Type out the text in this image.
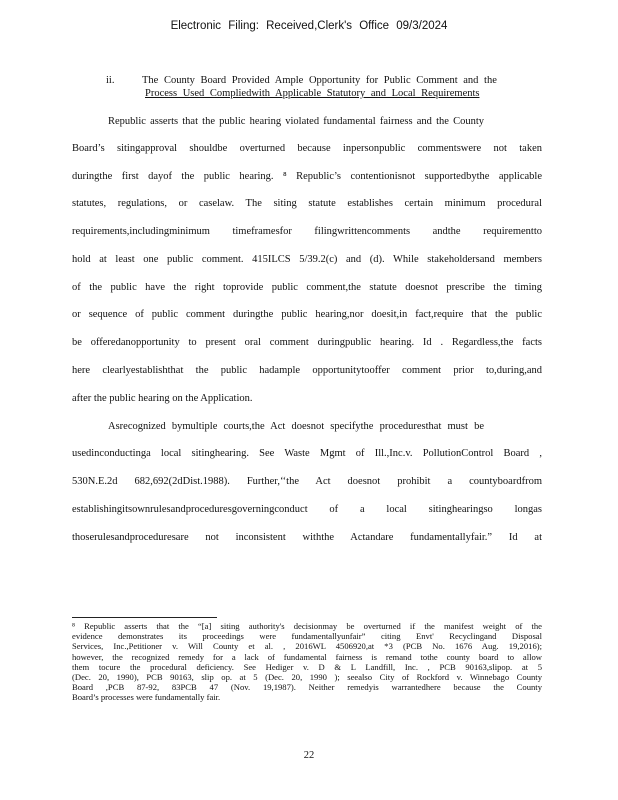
Electronic Filing: Received,Clerk's Office 09/3/2024
ii.	The County Board Provided Ample Opportunity for Public Comment and the
Process Used Compliedwith Applicable Statutory and Local Requirements
Republic asserts that the public hearing violated fundamental fairness and the County
Board’s sitingapproval shouldbe overturned because inpersonpublic commentswere not taken
duringthe first dayof the public hearing. ⁸ Republic’s contentionisnot supportedbythe applicable
statutes, regulations, or caselaw. The siting statute establishes certain minimum procedural
requirements,includingminimum timeframesfor filingwrittencomments andthe requirementto
hold at least one public comment. 415ILCS 5/39.2(c) and (d). While stakeholdersand members
of the public have the right toprovide public comment,the statute doesnot prescribe the timing
or sequence of public comment duringthe public hearing,nor doesit,in fact,require that the public
be offeredanopportunity to present oral comment duringpublic hearing. Id . Regardless,the facts
here clearlyestablishthat the public hadample opportunitytooffer comment prior to,during,and
after the public hearing on the Application.
Asrecognized bymultiple courts,the Act doesnot specifythe proceduresthat must be
usedinconductinga local sitinghearing. See Waste Mgmt of Ill.,Inc.v. PollutionControl Board ,
530N.E.2d 682,692(2dDist.1988). Further,‘‘the Act doesnot prohibit a countyboardfrom
establishingitsownrulesandproceduresgoverningconduct of a local sitinghearingso longas
thoserulesandproceduresare not inconsistent withthe Actandare fundamentallyfair.” Id at
⁸ Republic asserts that the “[a] siting authority's decisionmay be overturned if the manifest weight of the
evidence demonstrates its proceedings were fundamentallyunfair” citing Envt' Recyclingand Disposal
Services, Inc.,Petitioner v. Will County et al. , 2016WL 4506920,at *3 (PCB No. 1676 Aug. 19,2016);
however, the recognized remedy for a lack of fundamental fairness is remand tothe county board to allow
them tocure the procedural deficiency. See Hediger v. D & L Landfill, Inc. , PCB 90163,slipop. at 5
(Dec. 20, 1990), PCB 90163, slip op. at 5 (Dec. 20, 1990 ); seealso City of Rockford v. Winnebago County
Board ,PCB 87-92, 83PCB 47 (Nov. 19,1987). Neither remedyis warrantedhere because the County
Board’s processes were fundamentally fair.
22
